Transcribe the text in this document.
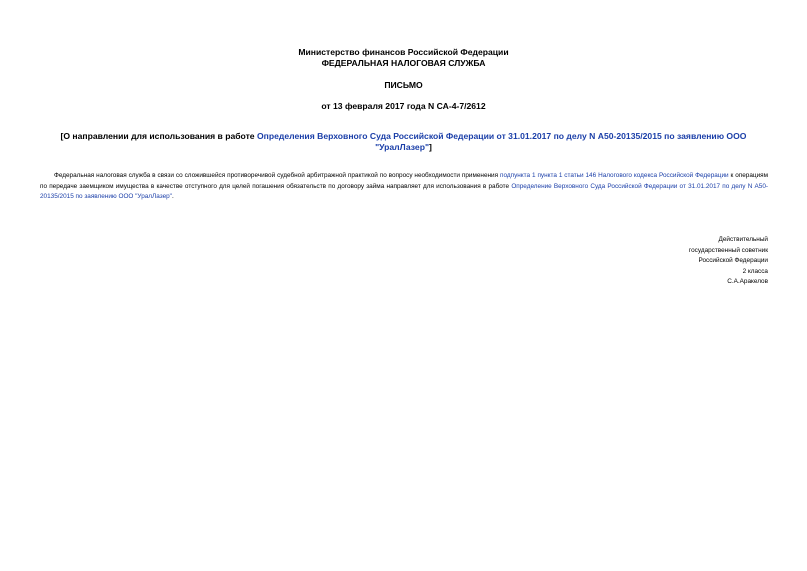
Министерство финансов Российской Федерации
ФЕДЕРАЛЬНАЯ НАЛОГОВАЯ СЛУЖБА
ПИСЬМО
от 13 февраля 2017 года N СА-4-7/2612
[О направлении для использования в работе Определения Верховного Суда Российской Федерации от 31.01.2017 по делу N А50-20135/2015 по заявлению ООО "УралЛазер"]
Федеральная налоговая служба в связи со сложившейся противоречивой судебной арбитражной практикой по вопросу необходимости применения подпункта 1 пункта 1 статьи 146 Налогового кодекса Российской Федерации к операциям по передаче заемщиком имущества в качестве отступного для целей погашения обязательств по договору займа направляет для использования в работе Определение Верховного Суда Российской Федерации от 31.01.2017 по делу N А50-20135/2015 по заявлению ООО "УралЛазер".
Действительный
государственный советник
Российской Федерации
2 класса
С.А.Аракелов
